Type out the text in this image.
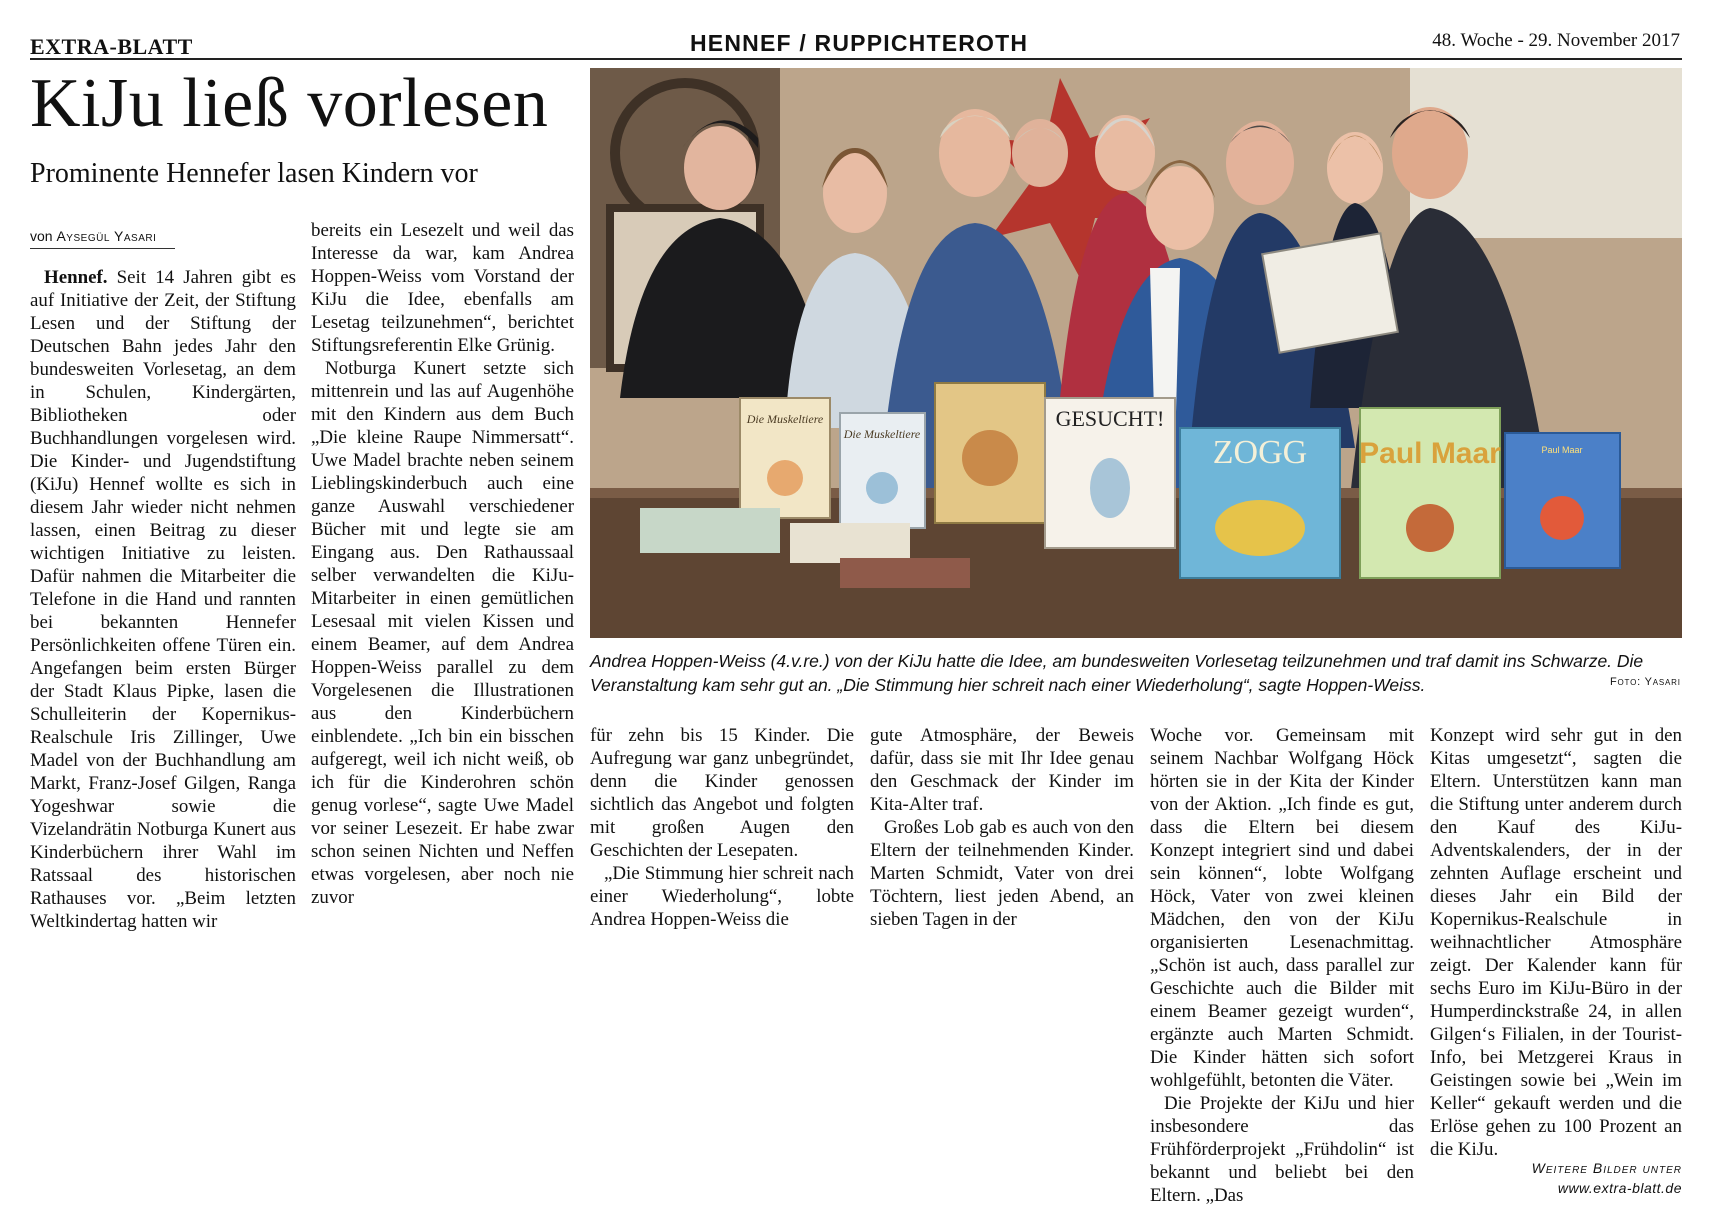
EXTRA-BLATT	HENNEF / RUPPICHTEROTH	48. Woche - 29. November 2017
KiJu ließ vorlesen
Prominente Hennefer lasen Kindern vor
von Aysegül Yasari
Die Muskeltiere
Die Muskeltiere
GESUCHT!
ZOGG Paul Maar	Paul Maar
Andrea Hoppen-Weiss (4.v.re.) von der KiJu hatte die Idee, am bundesweiten Vorlesetag teilzunehmen und traf damit ins Schwarze. Die Veranstaltung kam sehr gut an. „Die Stimmung hier schreit nach einer Wiederholung“, sagte Hoppen-Weiss.	Foto: Yasari

Hennef. Seit 14 Jahren gibt es auf Initiative der Zeit, der Stiftung Lesen und der Stiftung der Deutschen Bahn jedes Jahr den bundesweiten Vorlesetag, an dem in Schulen, Kindergärten, Bibliotheken oder Buchhandlungen vorgelesen wird. Die Kinder- und Jugendstiftung (KiJu) Hennef wollte es sich in diesem Jahr wieder nicht nehmen lassen, einen Beitrag zu dieser wichtigen Initiative zu leisten. Dafür nahmen die Mitarbeiter die Telefone in die Hand und rannten bei bekannten Hennefer Persönlichkeiten offene Türen ein. Angefangen beim ersten Bürger der Stadt Klaus Pipke, lasen die Schulleiterin der Kopernikus-Realschule Iris Zillinger, Uwe Madel von der Buchhandlung am Markt, Franz-Josef Gilgen, Ranga Yogeshwar sowie die Vizelandrätin Notburga Kunert aus Kinderbüchern ihrer Wahl im Ratssaal des historischen Rathauses vor. „Beim letzten Weltkindertag hatten wir

bereits ein Lesezelt und weil das Interesse da war, kam Andrea Hoppen-Weiss vom Vorstand der KiJu die Idee, ebenfalls am Lesetag teilzunehmen“, berichtet Stiftungsreferentin Elke Grünig.

Notburga Kunert setzte sich mittenrein und las auf Augenhöhe mit den Kindern aus dem Buch „Die kleine Raupe Nimmersatt“. Uwe Madel brachte neben seinem Lieblingskinderbuch auch eine ganze Auswahl verschiedener Bücher mit und legte sie am Eingang aus. Den Rathaussaal selber verwandelten die KiJu-Mitarbeiter in einen gemütlichen Lesesaal mit vielen Kissen und einem Beamer, auf dem Andrea Hoppen-Weiss parallel zu dem Vorgelesenen die Illustrationen aus den Kinderbüchern einblendete. „Ich bin ein bisschen aufgeregt, weil ich nicht weiß, ob ich für die Kinderohren schön genug vorlese“, sagte Uwe Madel vor seiner Lesezeit. Er habe zwar schon seinen Nichten und Neffen etwas vorgelesen, aber noch nie zuvor

für zehn bis 15 Kinder. Die Aufregung war ganz unbegründet, denn die Kinder genossen sichtlich das Angebot und folgten mit großen Augen den Geschichten der Lesepaten.

„Die Stimmung hier schreit nach einer Wiederholung“, lobte Andrea Hoppen-Weiss die

gute Atmosphäre, der Beweis dafür, dass sie mit Ihr Idee genau den Geschmack der Kinder im Kita-Alter traf.

Großes Lob gab es auch von den Eltern der teilnehmenden Kinder. Marten Schmidt, Vater von drei Töchtern, liest jeden Abend, an sieben Tagen in der

Woche vor. Gemeinsam mit seinem Nachbar Wolfgang Höck hörten sie in der Kita der Kinder von der Aktion. „Ich finde es gut, dass die Eltern bei diesem Konzept integriert sind und dabei sein können“, lobte Wolfgang Höck, Vater von zwei kleinen Mädchen, den von der KiJu organisierten Lesenachmittag. „Schön ist auch, dass parallel zur Geschichte auch die Bilder mit einem Beamer gezeigt wurden“, ergänzte auch Marten Schmidt. Die Kinder hätten sich sofort wohlgefühlt, betonten die Väter.

Die Projekte der KiJu und hier insbesondere das Frühförderprojekt „Frühdolin“ ist bekannt und beliebt bei den Eltern. „Das

Konzept wird sehr gut in den Kitas umgesetzt“, sagten die Eltern. Unterstützen kann man die Stiftung unter anderem durch den Kauf des KiJu-Adventskalenders, der in der zehnten Auflage erscheint und dieses Jahr ein Bild der Kopernikus-Realschule in weihnachtlicher Atmosphäre zeigt. Der Kalender kann für sechs Euro im KiJu-Büro in der Humperdinckstraße 24, in allen Gilgen‘s Filialen, in der Tourist-Info, bei Metzgerei Kraus in Geistingen sowie bei „Wein im Keller“ gekauft werden und die Erlöse gehen zu 100 Prozent an die KiJu.

Weitere Bilder unter
www.extra-blatt.de
